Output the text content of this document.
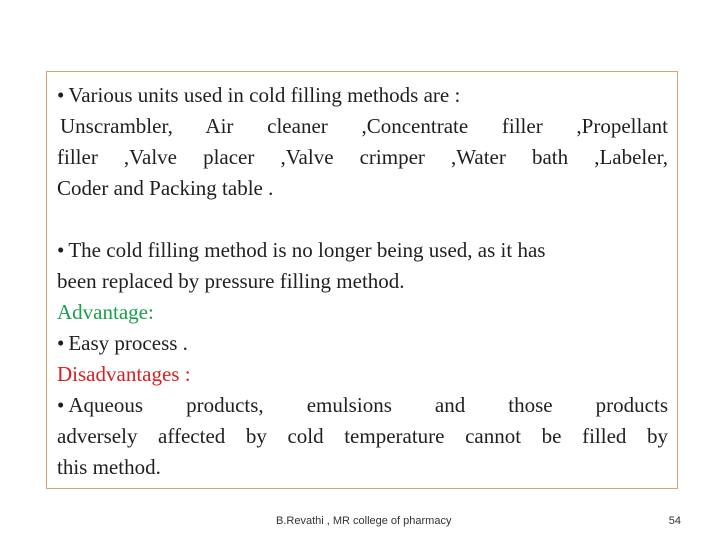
• Various units used in cold filling methods are :
Unscrambler, Air cleaner ,Concentrate filler ,Propellant
filler ,Valve placer ,Valve crimper ,Water bath ,Labeler,
Coder and Packing table .
• The cold filling method is no longer being used, as it has
been replaced by pressure filling method.
Advantage:
• Easy process .
Disadvantages :
• Aqueous products, emulsions and those products
adversely affected by cold temperature cannot be filled by
this method.
B.Revathi , MR college of pharmacy	54
